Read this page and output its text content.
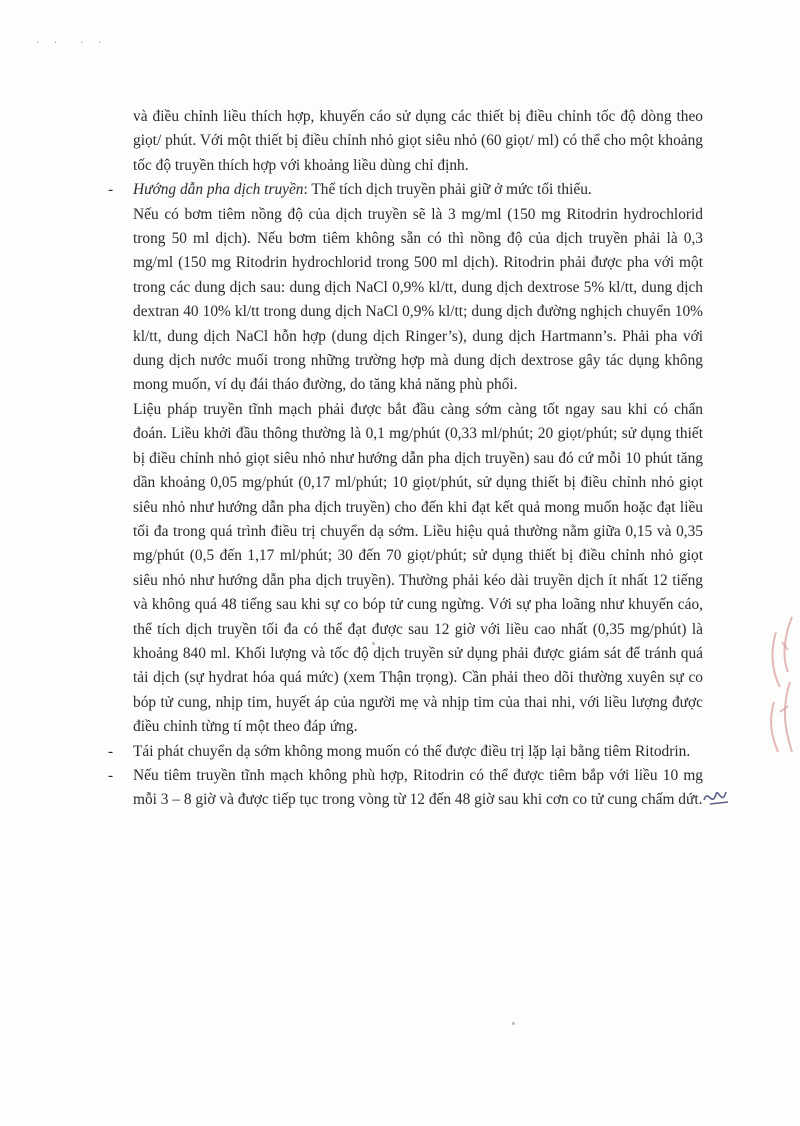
· ·  · ·

và điều chỉnh liều thích hợp, khuyến cáo sử dụng các thiết bị điều chỉnh tốc độ dòng theo giọt/ phút. Với một thiết bị điều chỉnh nhỏ giọt siêu nhỏ (60 giọt/ ml) có thể cho một khoảng tốc độ truyền thích hợp với khoảng liều dùng chỉ định.

- Hướng dẫn pha dịch truyền: Thể tích dịch truyền phải giữ ở mức tối thiểu.

Nếu có bơm tiêm nồng độ của dịch truyền sẽ là 3 mg/ml (150 mg Ritodrin hydrochlorid trong 50 ml dịch). Nếu bơm tiêm không sẵn có thì nồng độ của dịch truyền phải là 0,3 mg/ml (150 mg Ritodrin hydrochlorid trong 500 ml dịch). Ritodrin phải được pha với một trong các dung dịch sau: dung dịch NaCl 0,9% kl/tt, dung dịch dextrose 5% kl/tt, dung dịch dextran 40 10% kl/tt trong dung dịch NaCl 0,9% kl/tt; dung dịch đường nghịch chuyển 10% kl/tt, dung dịch NaCl hỗn hợp (dung dịch Ringer’s), dung dịch Hartmann’s. Phải pha với dung dịch nước muối trong những trường hợp mà dung dịch dextrose gây tác dụng không mong muốn, ví dụ đái tháo đường, do tăng khả năng phù phổi.

Liệu pháp truyền tĩnh mạch phải được bắt đầu càng sớm càng tốt ngay sau khi có chẩn đoán. Liều khởi đầu thông thường là 0,1 mg/phút (0,33 ml/phút; 20 giọt/phút; sử dụng thiết bị điều chỉnh nhỏ giọt siêu nhỏ như hướng dẫn pha dịch truyền) sau đó cứ mỗi 10 phút tăng dần khoảng 0,05 mg/phút (0,17 ml/phút; 10 giọt/phút, sử dụng thiết bị điều chỉnh nhỏ giọt siêu nhỏ như hướng dẫn pha dịch truyền) cho đến khi đạt kết quả mong muốn hoặc đạt liều tối đa trong quá trình điều trị chuyển dạ sớm. Liều hiệu quả thường nằm giữa 0,15 và 0,35 mg/phút (0,5 đến 1,17 ml/phút; 30 đến 70 giọt/phút; sử dụng thiết bị điều chỉnh nhỏ giọt siêu nhỏ như hướng dẫn pha dịch truyền). Thường phải kéo dài truyền dịch ít nhất 12 tiếng và không quá 48 tiếng sau khi sự co bóp tử cung ngừng. Với sự pha loãng như khuyến cáo, thể tích dịch truyền tối đa có thể đạt được sau 12 giờ với liều cao nhất (0,35 mg/phút) là khoảng 840 ml. Khối lượng và tốc độ dịch truyền sử dụng phải được giám sát để tránh quá tải dịch (sự hydrat hóa quá mức) (xem Thận trọng). Cần phải theo dõi thường xuyên sự co bóp tử cung, nhịp tim, huyết áp của người mẹ và nhịp tim của thai nhi, với liều lượng được điều chỉnh từng tí một theo đáp ứng.

- Tái phát chuyển dạ sớm không mong muốn có thể được điều trị lặp lại bằng tiêm Ritodrin.

- Nếu tiêm truyền tĩnh mạch không phù hợp, Ritodrin có thể được tiêm bắp với liều 10 mg mỗi 3 – 8 giờ và được tiếp tục trong vòng từ 12 đến 48 giờ sau khi cơn co tử cung chấm dứt.
